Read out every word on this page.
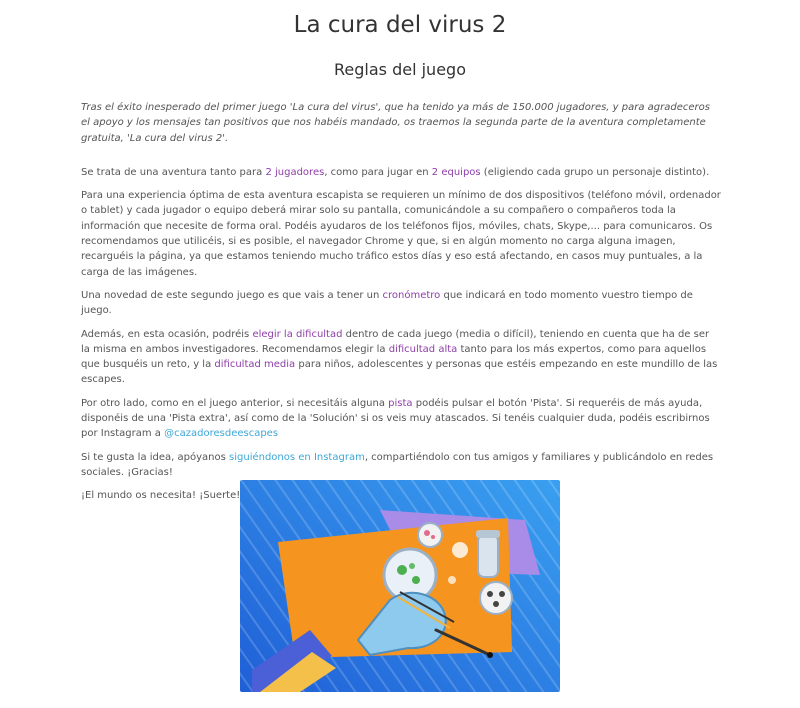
La cura del virus 2
Reglas del juego

Tras el éxito inesperado del primer juego 'La cura del virus', que ha tenido ya más de 150.000 jugadores, y para agradeceros el apoyo y los mensajes tan positivos que nos habéis mandado, os traemos la segunda parte de la aventura completamente gratuita, 'La cura del virus 2'.

Se trata de una aventura tanto para 2 jugadores, como para jugar en 2 equipos (eligiendo cada grupo un personaje distinto).

Para una experiencia óptima de esta aventura escapista se requieren un mínimo de dos dispositivos (teléfono móvil, ordenador o tablet) y cada jugador o equipo deberá mirar solo su pantalla, comunicándole a su compañero o compañeros toda la información que necesite de forma oral. Podéis ayudaros de los teléfonos fijos, móviles, chats, Skype,... para comunicaros. Os recomendamos que utilicéis, si es posible, el navegador Chrome y que, si en algún momento no carga alguna imagen, recarguéis la página, ya que estamos teniendo mucho tráfico estos días y eso está afectando, en casos muy puntuales, a la carga de las imágenes.

Una novedad de este segundo juego es que vais a tener un cronómetro que indicará en todo momento vuestro tiempo de juego.

Además, en esta ocasión, podréis elegir la dificultad dentro de cada juego (media o difícil), teniendo en cuenta que ha de ser la misma en ambos investigadores. Recomendamos elegir la dificultad alta tanto para los más expertos, como para aquellos que busquéis un reto, y la dificultad media para niños, adolescentes y personas que estéis empezando en este mundillo de las escapes.

Por otro lado, como en el juego anterior, si necesitáis alguna pista podéis pulsar el botón 'Pista'. Si requeréis de más ayuda, disponéis de una 'Pista extra', así como de la 'Solución' si os veis muy atascados. Si tenéis cualquier duda, podéis escribirnos por Instagram a @cazadoresdeescapes

Si te gusta la idea, apóyanos siguiéndonos en Instagram, compartiéndolo con tus amigos y familiares y publicándolo en redes sociales. ¡Gracias!

¡El mundo os necesita! ¡Suerte!
